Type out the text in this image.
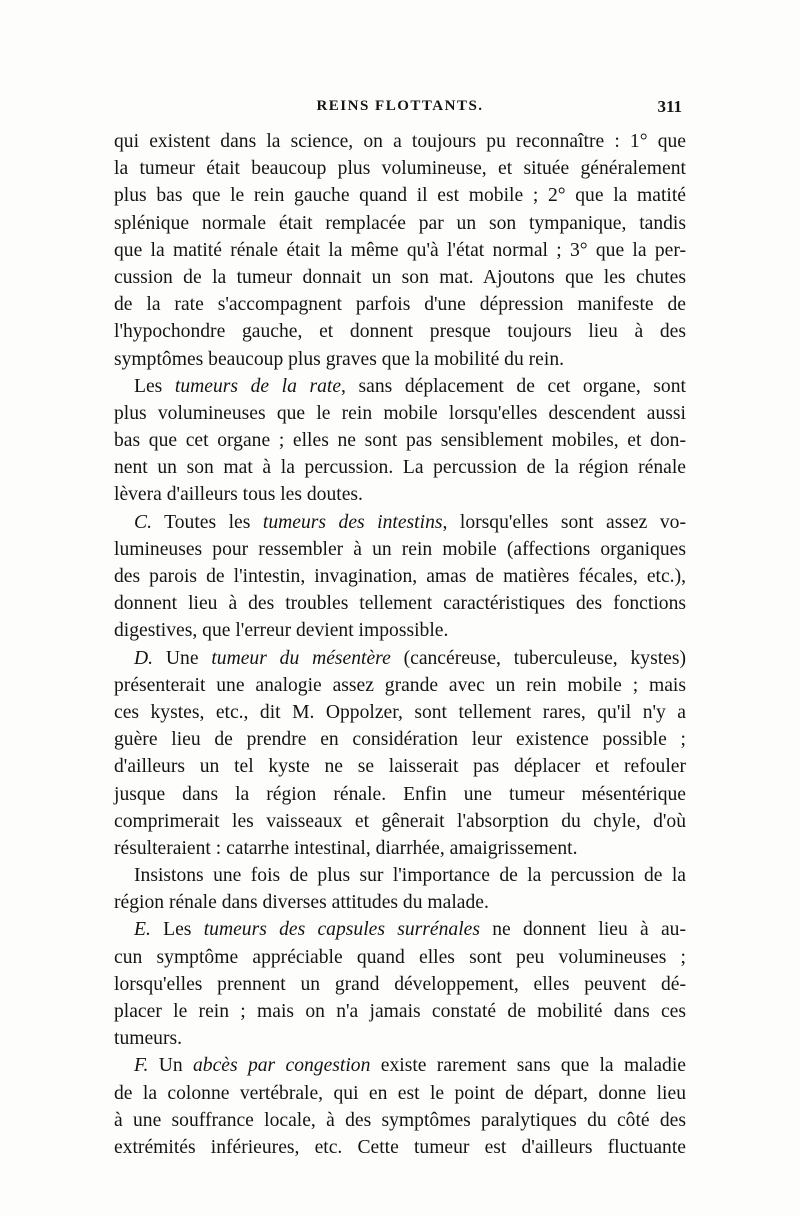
REINS FLOTTANTS.	311
qui existent dans la science, on a toujours pu reconnaître : 1° que
la tumeur était beaucoup plus volumineuse, et située généralement
plus bas que le rein gauche quand il est mobile ; 2° que la matité
splénique normale était remplacée par un son tympanique, tandis
que la matité rénale était la même qu'à l'état normal ; 3° que la per-
cussion de la tumeur donnait un son mat. Ajoutons que les chutes
de la rate s'accompagnent parfois d'une dépression manifeste de
l'hypochondre gauche, et donnent presque toujours lieu à des
symptômes beaucoup plus graves que la mobilité du rein.
Les tumeurs de la rate, sans déplacement de cet organe, sont
plus volumineuses que le rein mobile lorsqu'elles descendent aussi
bas que cet organe ; elles ne sont pas sensiblement mobiles, et don-
nent un son mat à la percussion. La percussion de la région rénale
lèvera d'ailleurs tous les doutes.
C. Toutes les tumeurs des intestins, lorsqu'elles sont assez vo-
lumineuses pour ressembler à un rein mobile (affections organiques
des parois de l'intestin, invagination, amas de matières fécales, etc.),
donnent lieu à des troubles tellement caractéristiques des fonctions
digestives, que l'erreur devient impossible.
D. Une tumeur du mésentère (cancéreuse, tuberculeuse, kystes)
présenterait une analogie assez grande avec un rein mobile ; mais
ces kystes, etc., dit M. Oppolzer, sont tellement rares, qu'il n'y a
guère lieu de prendre en considération leur existence possible ;
d'ailleurs un tel kyste ne se laisserait pas déplacer et refouler
jusque dans la région rénale. Enfin une tumeur mésentérique
comprimerait les vaisseaux et gênerait l'absorption du chyle, d'où
résulteraient : catarrhe intestinal, diarrhée, amaigrissement.
Insistons une fois de plus sur l'importance de la percussion de la
région rénale dans diverses attitudes du malade.
E. Les tumeurs des capsules surrénales ne donnent lieu à au-
cun symptôme appréciable quand elles sont peu volumineuses ;
lorsqu'elles prennent un grand développement, elles peuvent dé-
placer le rein ; mais on n'a jamais constaté de mobilité dans ces
tumeurs.
F. Un abcès par congestion existe rarement sans que la maladie
de la colonne vertébrale, qui en est le point de départ, donne lieu
à une souffrance locale, à des symptômes paralytiques du côté des
extrémités inférieures, etc. Cette tumeur est d'ailleurs fluctuante
